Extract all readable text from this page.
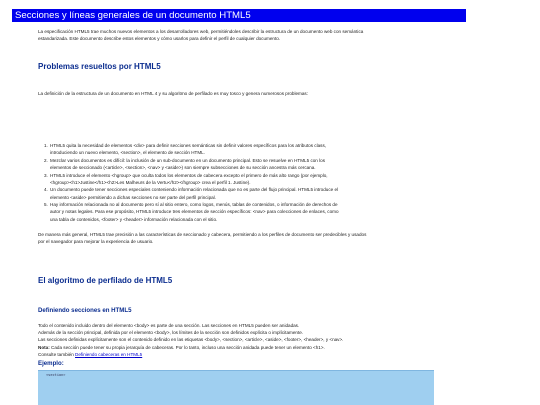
Secciones y líneas generales de un documento HTML5
La especificación HTML5 trae muchos nuevos elementos a los desarrolladores web, permitiéndoles describir la estructura de un documento web con semántica
estandarizada. Este documento describe estos elementos y cómo usarlos para definir el perfil de cualquier documento.
Problemas resueltos por HTML5

La definición de la estructura de un documento en HTML 4 y su algoritmo de perfilado es muy tosco y genera numerosos problemas:

1. HTML5 quita la necesidad de elementos <div> para definir secciones semánticas sin definir valores específicos para los atributos class,
introduciendo un nuevo elemento, <section>, el elemento de sección HTML.
2. Mezclar varios documentos es difícil: la inclusión de un sub-documento en un documento principal. Esto se resuelve en HTML5 con los
elementos de seccionado (<article>, <section>, <nav> y <aside>) son siempre subsecciones de su sección ancestra más cercana.
3. HTML5 introduce el elemento <hgroup> que oculta todos los elementos de cabecera excepto el primero de más alto rango (por ejemplo,
<hgroup><h1>Justine</h1><h2>Les Malheurs de la Vertu</h2></hgroup> crea el perfil 1. Justine).
4. Un documento puede tener secciones especiales conteniendo información relacionada que no es parte del flujo principal. HTML5 introduce el
elemento <aside> permitiendo a dichas secciones no ser parte del perfil principal.
5. Hay información relacionada no al documento pero sí al sitio entero, como logos, menús, tablas de contenidos, o información de derechos de
autor y notas legales. Para ese propósito, HTML5 introduce tres elementos de sección específicos: <nav> para colecciones de enlaces, como
una tabla de contenidos, <footer> y <header> información relacionada con el sitio.
De manera más general, HTML5 trae precisión a las características de seccionado y cabecera, permitiendo a los perfiles de documento ser predecibles y usados
por el navegador para mejorar la experiencia de usuario.
El algoritmo de perfilado de HTML5
Definiendo secciones en HTML5
Todo el contenido incluido dentro del elemento <body> es parte de una sección. Las secciones en HTML5 pueden ser anidadas.
Además de la sección principal, definida por el elemento <body>, los límites de la sección son definidos explícita o implícitamente.
Las secciones definidas explícitamente son el contenido definido en las etiquetas <body>, <section>, <article>, <aside>, <footer>, <header>, y <nav>.
Nota: Cada sección puede tener su propia jerarquía de cabeceras. Por lo tanto, incluso una sección anidada puede tener un elemento <h1>.
Consulte también Definiendo cabeceras en HTML5
Ejemplo:
<section>
